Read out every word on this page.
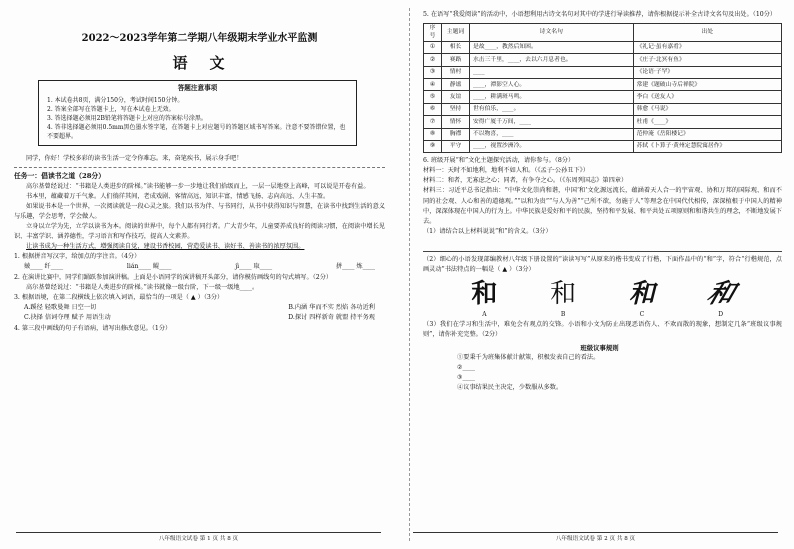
2022～2023学年第二学期八年级期末学业水平监测
语文
答题注意事项
1. 本试卷共8页，满分150分，考试时间150分钟。
2. 答案全部写在答题卡上，写在本试卷上无效。
3. 答选择题必须用2B铅笔将答题卡上对应的答案标号涂黑。
4. 答非选择题必须用0.5mm黑色墨水签字笔，在答题卡上对应题号的答题区域书写答案。注意不要答错位置，也不要超界。
同学，你好！学校多彩的读书生活一定令你难忘。来，奋笔疾书，展示身手吧！
任务一：倡读书之道（28分）
高尔基曾经说过：“书籍是人类进步的阶梯。”读书能够一步一步地让我们拾级而上，一层一层地登上高峰，可以说是开卷有益。
书本里，蕴藏着万千气象。人们徜徉其间，老成戏剧、客情高远，知识丰富，情感飞扬、志向高远、人生丰盈。
如果说书本是一个世界，一次阅读就是一段心灵之旅。我们以书为伴、与书同行，从书中获得知识与智慧，在读书中找到生活的意义与乐趣，学会思考，学会做人。
立身以立学为先，立学以读书为本。阅读的世界中，每个人都有同行者。广大青少年，儿童要养成良好的阅读习惯，在阅读中增长见识、丰富学识、涵养德性，学习语言和写作技巧，提高人文素养。
让读书成为一种生活方式，增强阅读自觉，建设书香校园，营造爱读书、读好书、善读书的浓厚氛围。
1. 根据拼音写汉字，给加点的字注音。（4分）
皴____ 纤____	lián____ 鲲____	jì____ 取____	拼____ 炼____
2. 在演讲比赛中，同学们踊跃参加演讲稿。上面是小语同学的演讲稿开头部分，请你模仿画线句的句式填写。（2分）
高尔基曾经说过：“书籍是人类进步的阶梯。”读书就像一级台阶，下一级一级地____。
3. 根据语境，在第二段横线上依次填入词语，最恰当的一项是（ ▲ ）（3分）
A.蹊径 轻歌曼舞 日空一切	B.内涵 华而不实 烈焰 各功近利
C.抉择 信词夺理 赋予 用语生动	D.探讨 四样新奇 就盟 持平务观
4. 第三段中画线的句子有语病，请写出修改意见。（1分）
八年级语文试卷 第 1 页 共 8 页
5. 在语写“我爱阅读”的活动中，小语想利用古诗文名句对其中的学进行导读推荐，请你根据提示补全古诗文名句及出处。（10分）
序号	主题词	诗文名句	出处
①	相长	是故____，教然后知困。	《礼记·虽有嘉肴》
②	赛路	水击三千里，____，去以六月息者也。	《庄子·北冥有鱼》
③	情村	____	《论语·子罕》
④	静谧	____，潭影空人心。	常建《题破山寺后禅院》
⑤	友谊	____，耕满斑马鸣。	李白《送友人》
⑥	坚持	世有伯乐，____。	韩愈《马说》
⑦	情怀	安得广厦千万间，____	杜甫《____》
⑧	胸襟	不以物喜，____	范仲淹《岳阳楼记》
⑨	平守	____，视置沙洲冷。	苏轼《卜算子·黄州定慧院寓居作》
6. 班级开展“和”文化主题探究活动，请你参与。（8分）
材料一：天时不如地利，地利不如人和。（《孟子·公孙丑下》）
材料二：和者，无寡虑之心；同者，有争夺之心。（《东周列国志》第四章）
材料三：习近平总书记指出：“中华文化崇尚和谐，中国‘和’文化源远流长，蕴涵着天人合一的宇宙观、协和万邦的国际观、和而不同的社会观、人心和善的道德观。”“以和为贵”“与人为善”“己所不欲，勿施于人”等理念在中国代代相传，深深植根于中国人的精神中，深深体现在中国人的行为上。中华民族是爱好和平的民族，坚持和平发展、和平共处五项原则和和谐共生的理念，不断地发展下去。
（1）请结合以上材料说说“和”的含义。（3分）
（2）细心的小语发现部编教材八年级下册设置的“读读写写”从原来的楷书变成了行楷，下面作品中的“和”字，符合“行楷规范，点画灵动”书法特点的一幅是（ ▲ ）（3分）
和
A
和
B
和
C
和
D
（3）我们在学习和生活中，难免会有观点的交锋。小语和小文为防止出现恶语伤人、不欢而散的现象，想制定几条“班级议事规则”，请你补充完整。（2分）
班级议事规则
①要秉千为班集体献计献策，积极发表自己的看法。
②____
③____
④议事结果民主决定，少数服从多数。
八年级语文试卷 第 2 页 共 8 页
